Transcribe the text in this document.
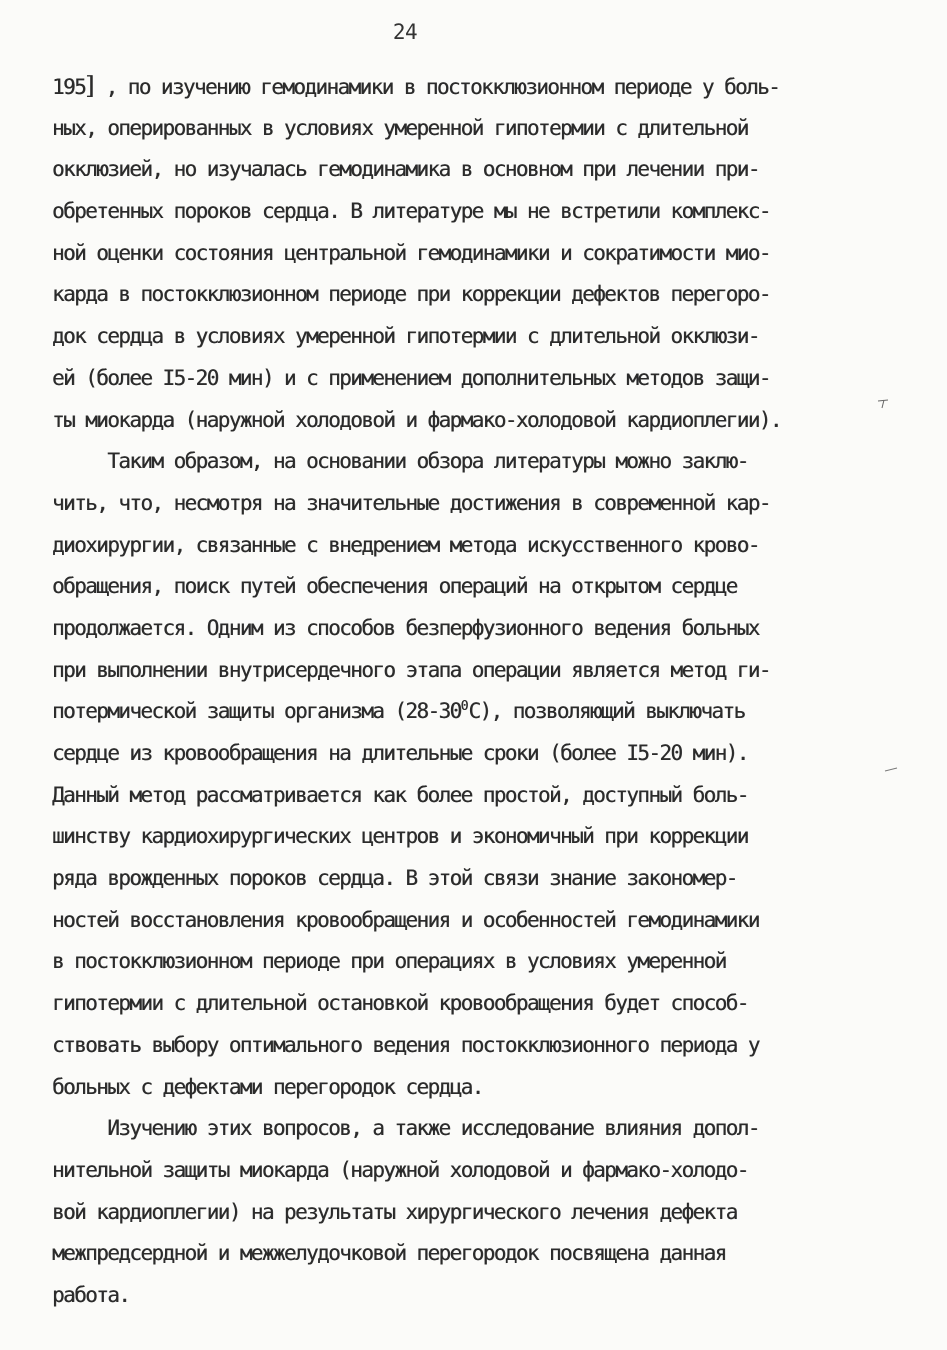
24
195] , по изучению гемодинамики в постокклюзионном периоде у боль-
ных, оперированных в условиях умеренной гипотермии с длительной
окклюзией, но изучалась гемодинамика в основном при лечении при-
обретенных пороков сердца. В литературе мы не встретили комплекс-
ной оценки состояния центральной гемодинамики и сократимости мио-
карда в постокклюзионном периоде при коррекции дефектов перегоро-
док сердца в условиях умеренной гипотермии с длительной окклюзи-
ей (более I5-20 мин) и с применением дополнительных методов защи-
ты миокарда (наружной холодовой и фармако-холодовой кардиоплегии).
Таким образом, на основании обзора литературы можно заклю-
чить, что, несмотря на значительные достижения в современной кар-
диохирургии, связанные с внедрением метода искусственного крово-
обращения, поиск путей обеспечения операций на открытом сердце
продолжается. Одним из способов безперфузионного ведения больных
при выполнении внутрисердечного этапа операции является метод ги-
потермической защиты организма $(28-30^0С)$, позволяющий выключать
сердце из кровообращения на длительные сроки (более I5-20 мин).
Данный метод рассматривается как более простой, доступный боль-
шинству кардиохирургических центров и экономичный при коррекции
ряда врожденных пороков сердца. В этой связи знание закономер-
ностей восстановления кровообращения и особенностей гемодинамики
в постокклюзионном периоде при операциях в условиях умеренной
гипотермии с длительной остановкой кровообращения будет способ-
ствовать выбору оптимального ведения постокклюзионного периода у
больных с дефектами перегородок сердца.
Изучению этих вопросов, а также исследование влияния допол-
нительной защиты миокарда (наружной холодовой и фармако-холодо-
вой кардиоплегии) на результаты хирургического лечения дефекта
межпредсердной и межжелудочковой перегородок посвящена данная
работа.
